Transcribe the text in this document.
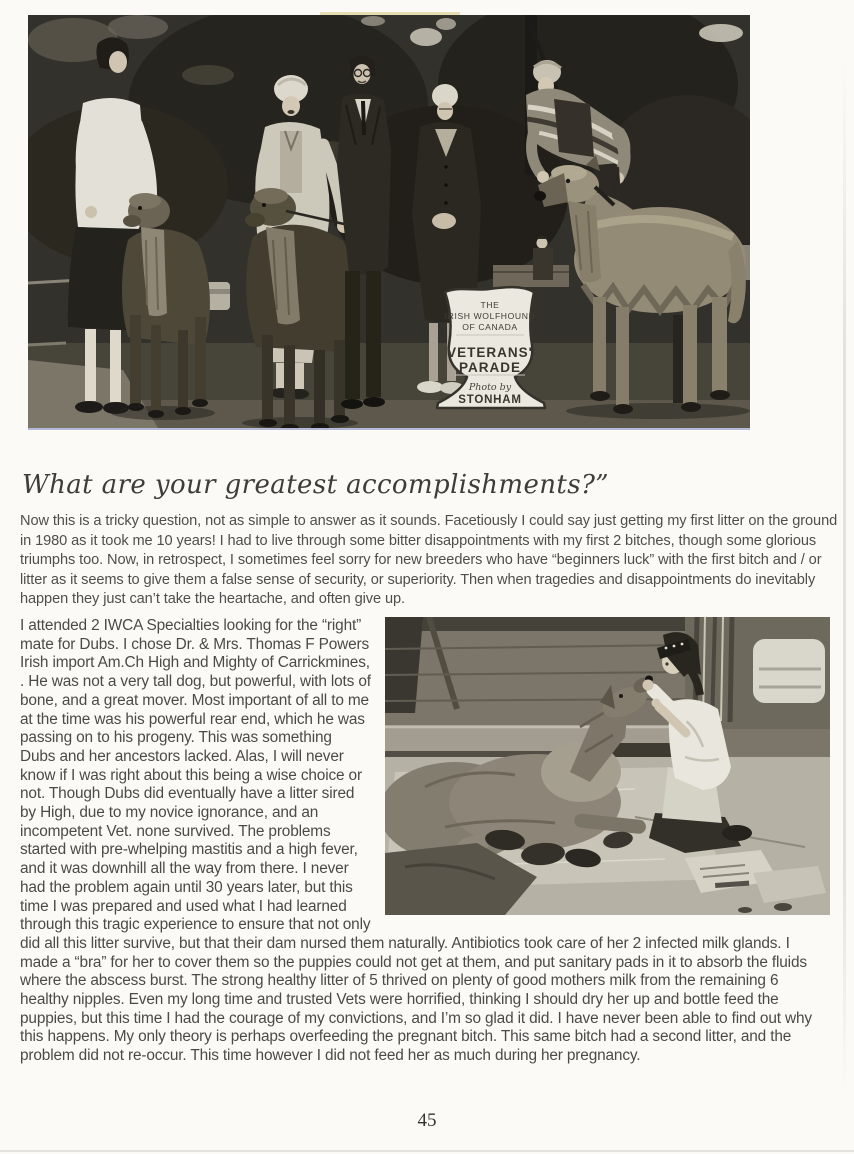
THE
IRISH WOLFHOUND
OF CANADA
VETERANS'
PARADE
Photo by
STONHAM
What are your greatest accomplishments?”

Now this is a tricky question, not as simple to answer as it sounds. Facetiously I could say just getting my first litter on the ground in 1980 as it took me 10 years! I had to live through some bitter disappointments with my first 2 bitches, though some glorious triumphs too. Now, in retrospect, I sometimes feel sorry for new breeders who have “beginners luck” with the first bitch and / or litter as it seems to give them a false sense of security, or superiority. Then when tragedies and disappointments do inevitably happen they just can’t take the heartache, and often give up.

I attended 2 IWCA Specialties looking for the “right” mate for Dubs. I chose Dr. & Mrs. Thomas F Powers Irish import Am.Ch High and Mighty of Carrickmines, . He was not a very tall dog, but powerful, with lots of bone, and a great mover. Most important of all to me at the time was his powerful rear end, which he was passing on to his progeny. This was something Dubs and her ancestors lacked. Alas, I will never know if I was right about this being a wise choice or not. Though Dubs did eventually have a litter sired by High, due to my novice ignorance, and an incompetent Vet. none survived. The problems started with pre-whelping mastitis and a high fever, and it was downhill all the way from there. I never had the problem again until 30 years later, but this time I was prepared and used what I had learned through this tragic experience to ensure that not only did all this litter survive, but that their dam nursed them naturally. Antibiotics took care of her 2 infected milk glands. I made a “bra” for her to cover them so the puppies could not get at them, and put sanitary pads in it to absorb the fluids where the abscess burst. The strong healthy litter of 5 thrived on plenty of good mothers milk from the remaining 6 healthy nipples. Even my long time and trusted Vets were horrified, thinking I should dry her up and bottle feed the puppies, but this time I had the courage of my convictions, and I’m so glad it did. I have never been able to find out why this happens. My only theory is perhaps overfeeding the pregnant bitch. This same bitch had a second litter, and the problem did not re-occur. This time however I did not feed her as much during her pregnancy.

45
